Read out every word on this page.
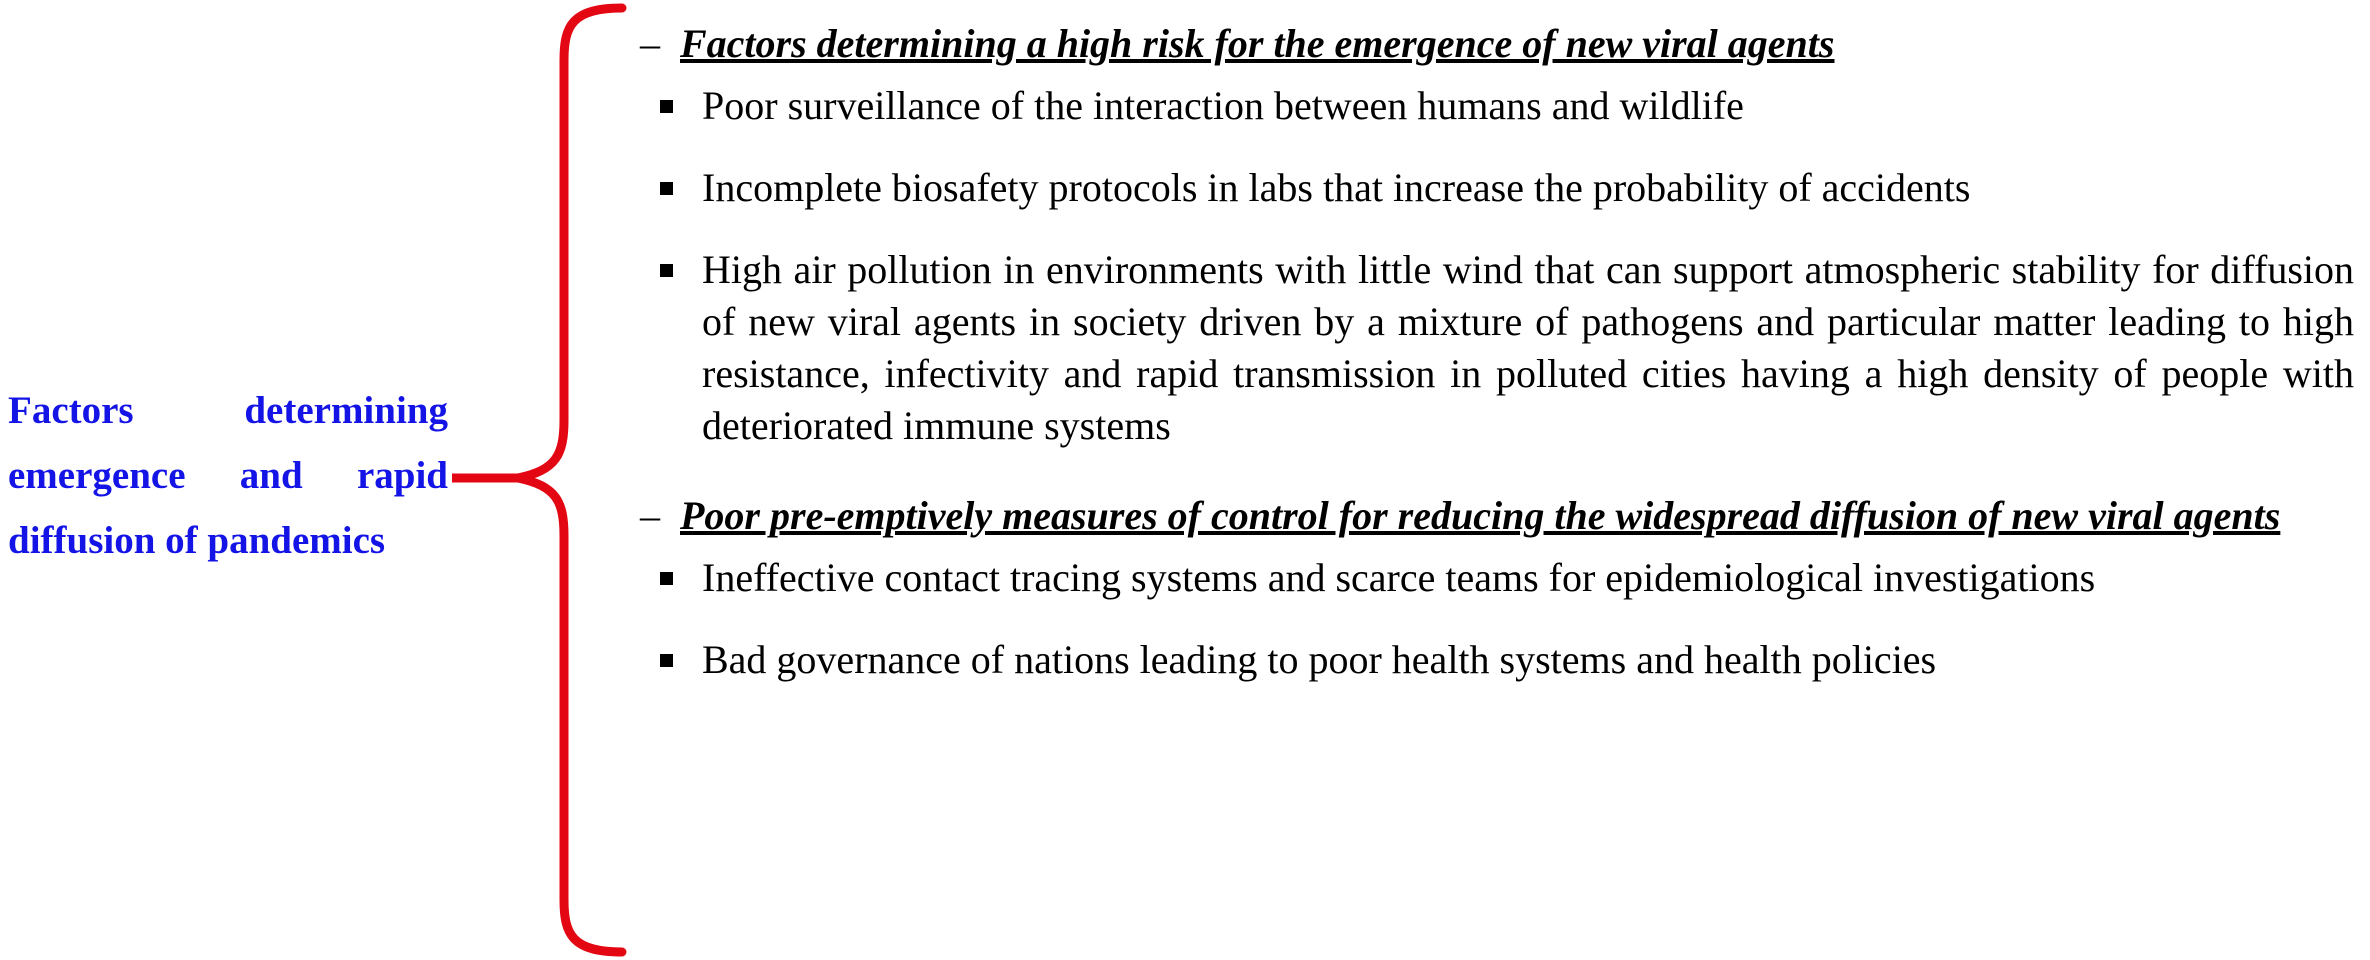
Factors determining
emergence and rapid
diffusion of pandemics
– Factors determining a high risk for the emergence of new viral agents
Poor surveillance of the interaction between humans and wildlife
Incomplete biosafety protocols in labs that increase the probability of accidents
High air pollution in environments with little wind that can support atmospheric stability for diffusion of new viral agents in society driven by a mixture of pathogens and particular matter leading to high resistance, infectivity and rapid transmission in polluted cities having a high density of people with deteriorated immune systems
– Poor pre-emptively measures of control for reducing the widespread diffusion of new viral agents
Ineffective contact tracing systems and scarce teams for epidemiological investigations
Bad governance of nations leading to poor health systems and health policies
